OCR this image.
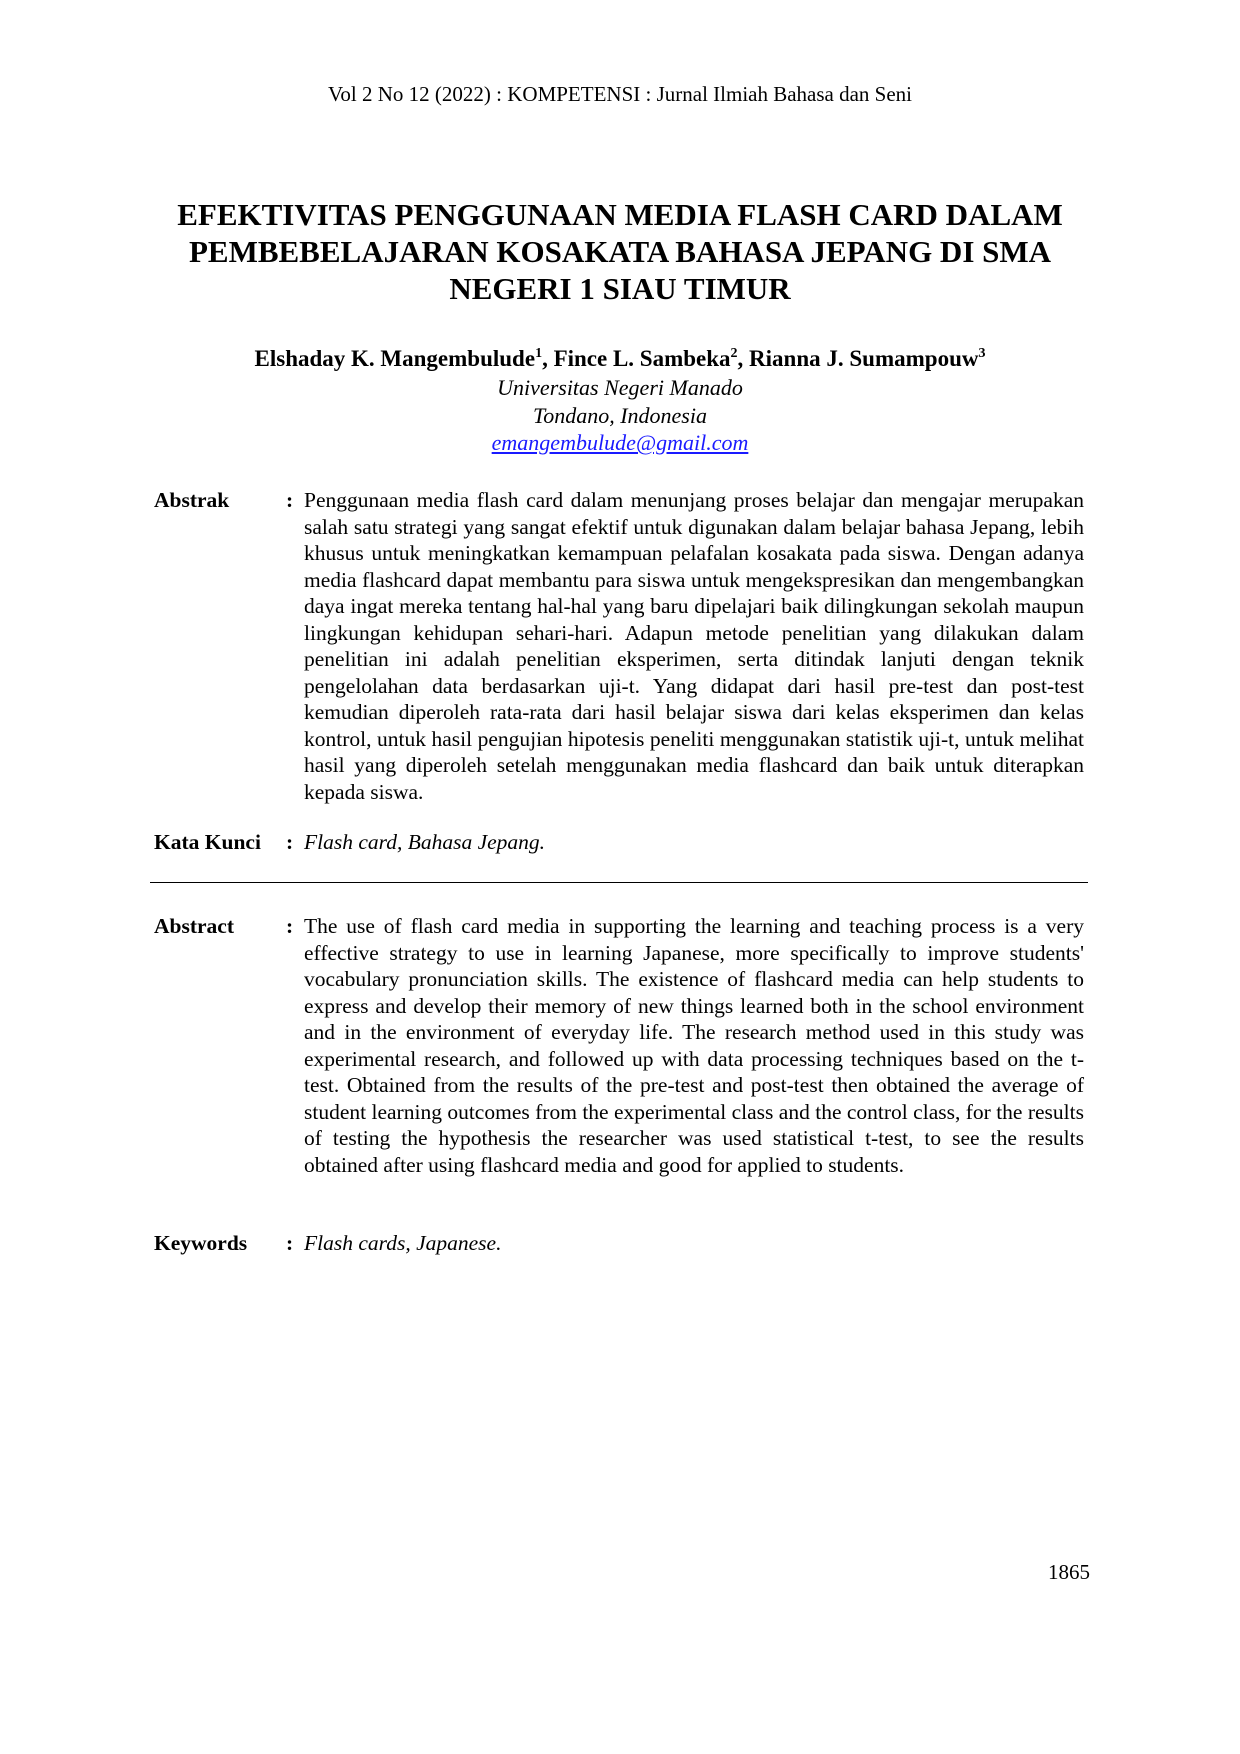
Vol 2 No 12 (2022) : KOMPETENSI : Jurnal Ilmiah Bahasa dan Seni
EFEKTIVITAS PENGGUNAAN MEDIA FLASH CARD DALAM
PEMBEBELAJARAN KOSAKATA BAHASA JEPANG DI SMA
NEGERI 1 SIAU TIMUR
Elshaday K. Mangembulude$^1$, Fince L. Sambeka$^2$, Rianna J. Sumampouw$^3$
Universitas Negeri Manado
Tondano, Indonesia
emangembulude@gmail.com
Abstrak	: Penggunaan media flash card dalam menunjang proses belajar dan mengajar merupakan salah satu strategi yang sangat efektif untuk digunakan dalam belajar bahasa Jepang, lebih khusus untuk meningkatkan kemampuan pelafalan kosakata pada siswa. Dengan adanya media flashcard dapat membantu para siswa untuk mengekspresikan dan mengembangkan daya ingat mereka tentang hal-hal yang baru dipelajari baik dilingkungan sekolah maupun lingkungan kehidupan sehari-hari. Adapun metode penelitian yang dilakukan dalam penelitian ini adalah penelitian eksperimen, serta ditindak lanjuti dengan teknik pengelolahan data berdasarkan uji-t. Yang didapat dari hasil pre-test dan post-test kemudian diperoleh rata-rata dari hasil belajar siswa dari kelas eksperimen dan kelas kontrol, untuk hasil pengujian hipotesis peneliti menggunakan statistik uji-t, untuk melihat hasil yang diperoleh setelah menggunakan media flashcard dan baik untuk diterapkan kepada siswa.
Kata Kunci : Flash card, Bahasa Jepang.
Abstract : The use of flash card media in supporting the learning and teaching process is a very effective strategy to use in learning Japanese, more specifically to improve students' vocabulary pronunciation skills. The existence of flashcard media can help students to express and develop their memory of new things learned both in the school environment and in the environment of everyday life. The research method used in this study was experimental research, and followed up with data processing techniques based on the t-test. Obtained from the results of the pre-test and post-test then obtained the average of student learning outcomes from the experimental class and the control class, for the results of testing the hypothesis the researcher was used statistical t-test, to see the results obtained after using flashcard media and good for applied to students.
Keywords : Flash cards, Japanese.
1865
